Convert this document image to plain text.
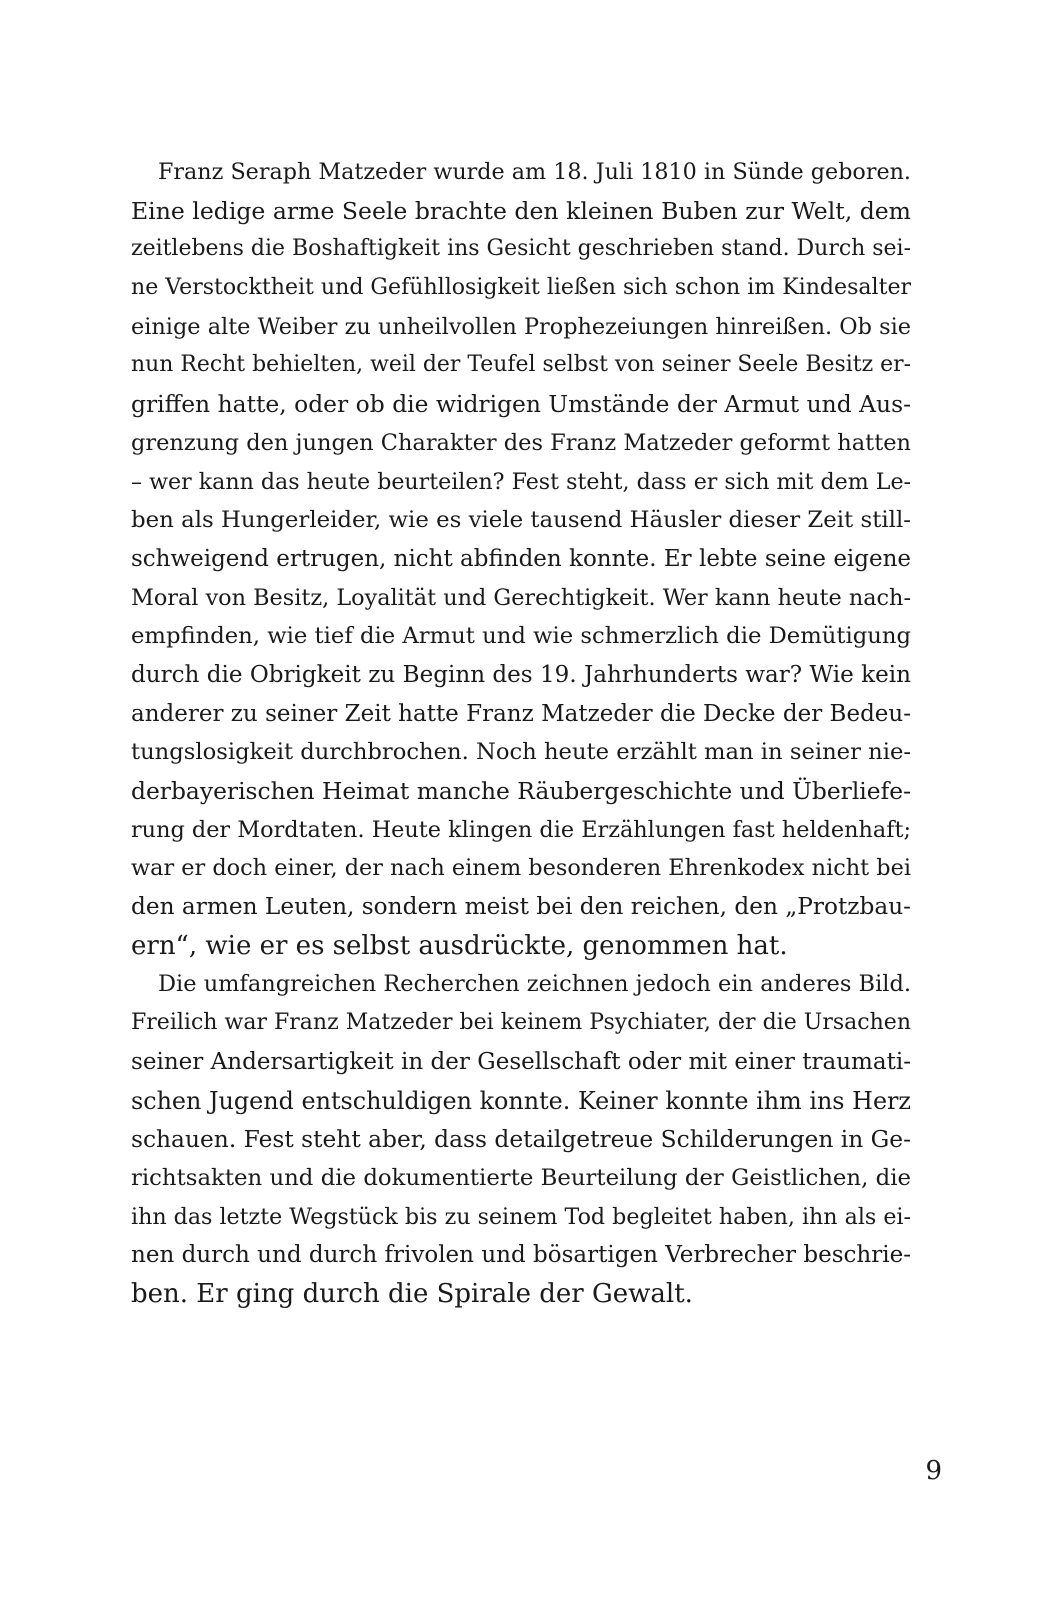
Franz Seraph Matzeder wurde am 18. Juli 1810 in Sünde geboren.
Eine ledige arme Seele brachte den kleinen Buben zur Welt, dem
zeitlebens die Boshaftigkeit ins Gesicht geschrieben stand. Durch sei-
ne Verstocktheit und Gefühllosigkeit ließen sich schon im Kindesalter
einige alte Weiber zu unheilvollen Prophezeiungen hinreißen. Ob sie
nun Recht behielten, weil der Teufel selbst von seiner Seele Besitz er-
griffen hatte, oder ob die widrigen Umstände der Armut und Aus-
grenzung den jungen Charakter des Franz Matzeder geformt hatten
– wer kann das heute beurteilen? Fest steht, dass er sich mit dem Le-
ben als Hungerleider, wie es viele tausend Häusler dieser Zeit still-
schweigend ertrugen, nicht abfinden konnte. Er lebte seine eigene
Moral von Besitz, Loyalität und Gerechtigkeit. Wer kann heute nach-
empfinden, wie tief die Armut und wie schmerzlich die Demütigung
durch die Obrigkeit zu Beginn des 19. Jahrhunderts war? Wie kein
anderer zu seiner Zeit hatte Franz Matzeder die Decke der Bedeu-
tungslosigkeit durchbrochen. Noch heute erzählt man in seiner nie-
derbayerischen Heimat manche Räubergeschichte und Überliefe-
rung der Mordtaten. Heute klingen die Erzählungen fast heldenhaft;
war er doch einer, der nach einem besonderen Ehrenkodex nicht bei
den armen Leuten, sondern meist bei den reichen, den „Protzbau-
ern“, wie er es selbst ausdrückte, genommen hat.
Die umfangreichen Recherchen zeichnen jedoch ein anderes Bild.
Freilich war Franz Matzeder bei keinem Psychiater, der die Ursachen
seiner Andersartigkeit in der Gesellschaft oder mit einer traumati-
schen Jugend entschuldigen konnte. Keiner konnte ihm ins Herz
schauen. Fest steht aber, dass detailgetreue Schilderungen in Ge-
richtsakten und die dokumentierte Beurteilung der Geistlichen, die
ihn das letzte Wegstück bis zu seinem Tod begleitet haben, ihn als ei-
nen durch und durch frivolen und bösartigen Verbrecher beschrie-
ben. Er ging durch die Spirale der Gewalt.
9
